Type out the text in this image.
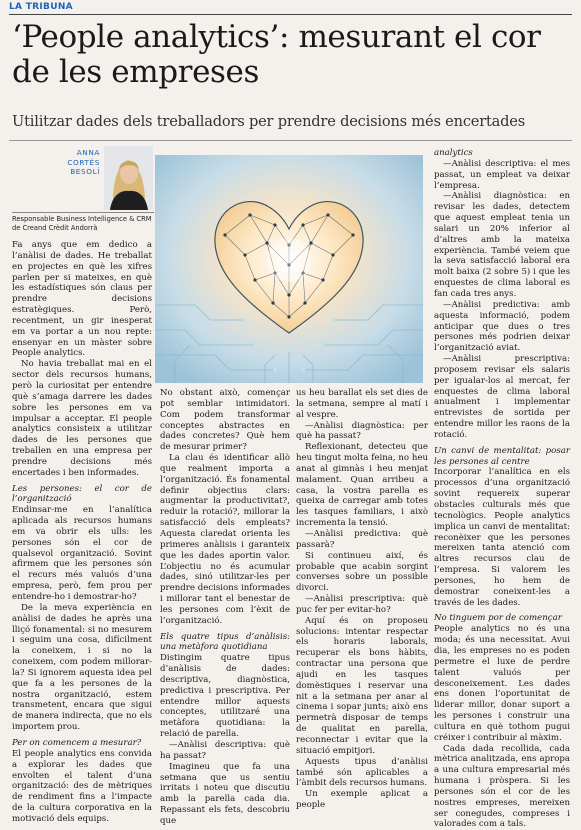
LA TRIBUNA
‘People analytics’: mesurant el cor de les empreses
Utilitzar dades dels treballadors per prendre decisions més encertades
ANNA
CORTÉS
BESOLÍ
Responsable Business Intelligence & CRM de Creand Crèdit Andorrà

Fa anys que em dedico a l’anàlisi de dades. He treballat en projectes en què les xifres parlen per si mateixes, en què les estadístiques són claus per prendre decisions estratègiques. Però, recentment, un gir inesperat em va portar a un nou repte: ensenyar en un màster sobre People analytics.

No havia treballat mai en el sector dels recursos humans, però la curiositat per entendre què s’amaga darrere les dades sobre les persones em va impulsar a acceptar. El people analytics consisteix a utilitzar dades de les persones que treballen en una empresa per prendre decisions més encertades i ben informades.

Les persones: el cor de l’organització

Endinsar-me en l’analítica aplicada als recursos humans em va obrir els ulls: les persones són el cor de qualsevol organització. Sovint afirmem que les persones són el recurs més valuós d’una empresa, però, fem prou per entendre-ho i demostrar-ho?

De la meva experiència en anàlisi de dades he après una lliçó fonamental: si no mesurem i seguim una cosa, difícilment la coneixem, i si no la coneixem, com podem millorar-la? Si ignorem aquesta idea pel que fa a les persones de la nostra organització, estem transmetent, encara que sigui de manera indirecta, que no els importem prou.

Per on comencem a mesurar?

El people analytics ens convida a explorar les dades que envolten el talent d’una organització: des de mètriques de rendiment fins a l’impacte de la cultura corporativa en la motivació dels equips.

No obstant això, començar pot semblar intimidatori. Com podem transformar conceptes abstractes en dades concretes? Què hem de mesurar primer?

La clau és identificar allò que realment importa a l’organització. És fonamental definir objectius clars: augmentar la productivitat?, reduir la rotació?, millorar la satisfacció dels empleats? Aquesta claredat orienta les primeres anàlisis i garanteix que les dades aportin valor. L’objectiu no és acumular dades, sinó utilitzar-les per prendre decisions informades i millorar tant el benestar de les persones com l’èxit de l’organització.

Els quatre tipus d’anàlisis: una metàfora quotidiana

Distingim quatre tipus d’anàlisis de dades: descriptiva, diagnòstica, predictiva i prescriptiva. Per entendre millor aquests conceptes, utilitzaré una metàfora quotidiana: la relació de parella.

—Anàlisi descriptiva: què ha passat?

Imagineu que fa una setmana que us sentiu irritats i noteu que discutiu amb la parella cada dia. Repassant els fets, descobriu que

us heu barallat els set dies de la setmana, sempre al matí i al vespre.

—Anàlisi diagnòstica: per què ha passat?

Reflexionant, detecteu que heu tingut molta feina, no heu anat al gimnàs i heu menjat malament. Quan arribeu a casa, la vostra parella es queixa de carregar amb totes les tasques familiars, i això incrementa la tensió.

—Anàlisi predictiva: què passarà?

Si continueu així, és probable que acabin sorgint converses sobre un possible divorci.

—Anàlisi prescriptiva: què puc fer per evitar-ho?

Aquí és on proposeu solucions: intentar respectar els horaris laborals, recuperar els bons hàbits, contractar una persona que ajudi en les tasques domèstiques i reservar una nit a la setmana per anar al cinema i sopar junts; això ens permetrà disposar de temps de qualitat en parella, reconnectar i evitar que la situació empitjori.

Aquests tipus d’anàlisi també són aplicables a l’àmbit dels recursos humans.

Un exemple aplicat a people

analytics

—Anàlisi descriptiva: el mes passat, un empleat va deixar l’empresa.

—Anàlisi diagnòstica: en revisar les dades, detectem que aquest empleat tenia un salari un 20% inferior al d’altres amb la mateixa experiència. També veiem que la seva satisfacció laboral era molt baixa (2 sobre 5) i que les enquestes de clima laboral es fan cada tres anys.

—Anàlisi predictiva: amb aquesta informació, podem anticipar que dues o tres persones més podrien deixar l’organització aviat.

—Anàlisi prescriptiva: proposem revisar els salaris per igualar-los al mercat, fer enquestes de clima laboral anualment i implementar entrevistes de sortida per entendre millor les raons de la rotació.

Un canvi de mentalitat: posar les persones al centre

Incorporar l’analítica en els processos d’una organització sovint requereix superar obstacles culturals més que tecnològics. People analytics implica un canvi de mentalitat: reconèixer que les persones mereixen tanta atenció com altres recursos clau de l’empresa. Si valorem les persones, ho hem de demostrar coneixent-les a través de les dades.

No tinguem por de començar

People analytics no és una moda; és una necessitat. Avui dia, les empreses no es poden permetre el luxe de perdre talent valuós per desconeixement. Les dades ens donen l’oportunitat de liderar millor, donar suport a les persones i construir una cultura en què tothom pugui créixer i contribuir al màxim.

Cada dada recollida, cada mètrica analitzada, ens apropa a una cultura empresarial més humana i pròspera. Si les persones són el cor de les nostres empreses, mereixen ser conegudes, compreses i valorades com a tals.
